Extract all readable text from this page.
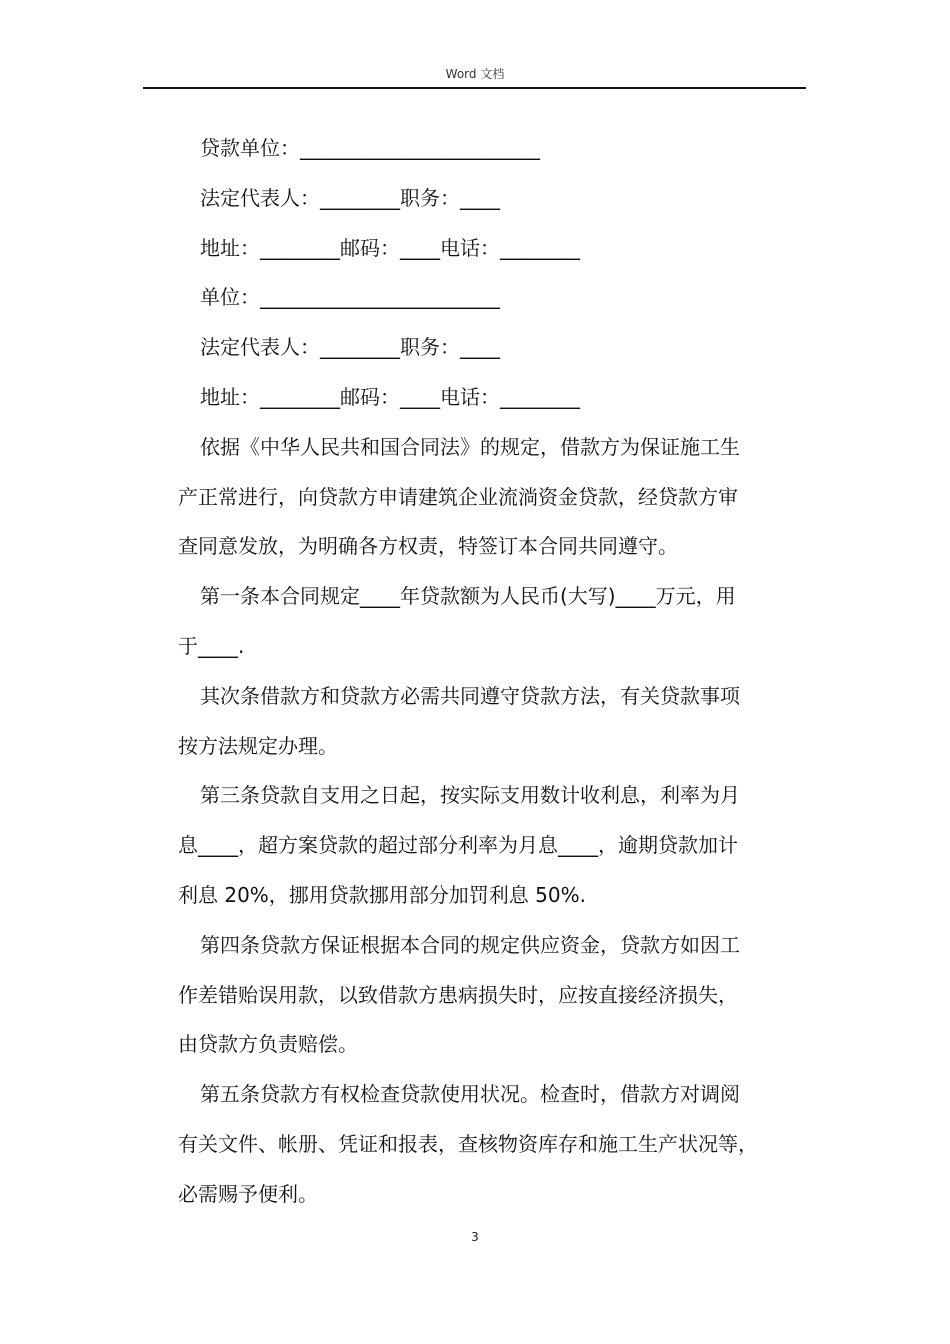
Word 文档
贷款单位：________________________
法定代表人：________职务：____
地址：________邮码：____电话：________
单位：________________________
法定代表人：________职务：____
地址：________邮码：____电话：________
依据《中华人民共和国合同法》的规定，借款方为保证施工生
产正常进行，向贷款方申请建筑企业流淌资金贷款，经贷款方审
查同意发放，为明确各方权责，特签订本合同共同遵守。
第一条本合同规定____年贷款额为人民币(大写)____万元，用
于____.
其次条借款方和贷款方必需共同遵守贷款方法，有关贷款事项
按方法规定办理。
第三条贷款自支用之日起，按实际支用数计收利息，利率为月
息____，超方案贷款的超过部分利率为月息____，逾期贷款加计
利息 20%，挪用贷款挪用部分加罚利息 50%.
第四条贷款方保证根据本合同的规定供应资金，贷款方如因工
作差错贻误用款，以致借款方患病损失时，应按直接经济损失，
由贷款方负责赔偿。
第五条贷款方有权检查贷款使用状况。检查时，借款方对调阅
有关文件、帐册、凭证和报表，查核物资库存和施工生产状况等，
必需赐予便利。
3
